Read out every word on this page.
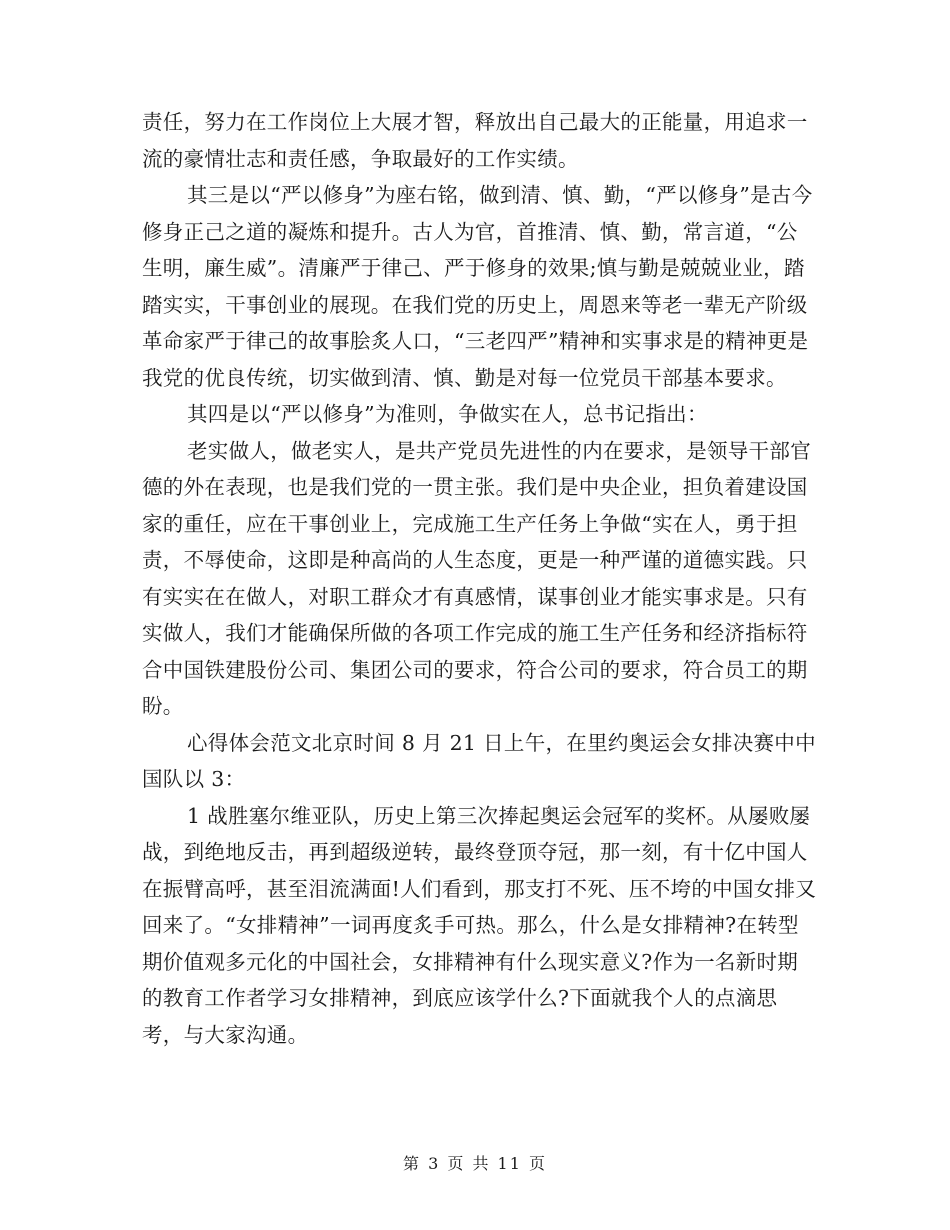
责任，努力在工作岗位上大展才智，释放出自己最大的正能量，用追求一流的豪情壮志和责任感，争取最好的工作实绩。

其三是以“严以修身”为座右铭，做到清、慎、勤，“严以修身”是古今修身正己之道的凝炼和提升。古人为官，首推清、慎、勤，常言道，“公生明，廉生威”。清廉严于律己、严于修身的效果;慎与勤是兢兢业业，踏踏实实，干事创业的展现。在我们党的历史上，周恩来等老一辈无产阶级革命家严于律己的故事脍炙人口，“三老四严”精神和实事求是的精神更是我党的优良传统，切实做到清、慎、勤是对每一位党员干部基本要求。

其四是以“严以修身”为准则，争做实在人，总书记指出：

老实做人，做老实人，是共产党员先进性的内在要求，是领导干部官德的外在表现，也是我们党的一贯主张。我们是中央企业，担负着建设国家的重任，应在干事创业上，完成施工生产任务上争做“实在人，勇于担责，不辱使命，这即是种高尚的人生态度，更是一种严谨的道德实践。只有实实在在做人，对职工群众才有真感情，谋事创业才能实事求是。只有实做人，我们才能确保所做的各项工作完成的施工生产任务和经济指标符合中国铁建股份公司、集团公司的要求，符合公司的要求，符合员工的期盼。

心得体会范文北京时间 8 月 21 日上午，在里约奥运会女排决赛中中国队以 3：

1 战胜塞尔维亚队，历史上第三次捧起奥运会冠军的奖杯。从屡败屡战，到绝地反击，再到超级逆转，最终登顶夺冠，那一刻，有十亿中国人在振臂高呼，甚至泪流满面!人们看到，那支打不死、压不垮的中国女排又回来了。“女排精神”一词再度炙手可热。那么，什么是女排精神?在转型期价值观多元化的中国社会，女排精神有什么现实意义?作为一名新时期的教育工作者学习女排精神，到底应该学什么?下面就我个人的点滴思考，与大家沟通。

第 3 页 共 11 页
